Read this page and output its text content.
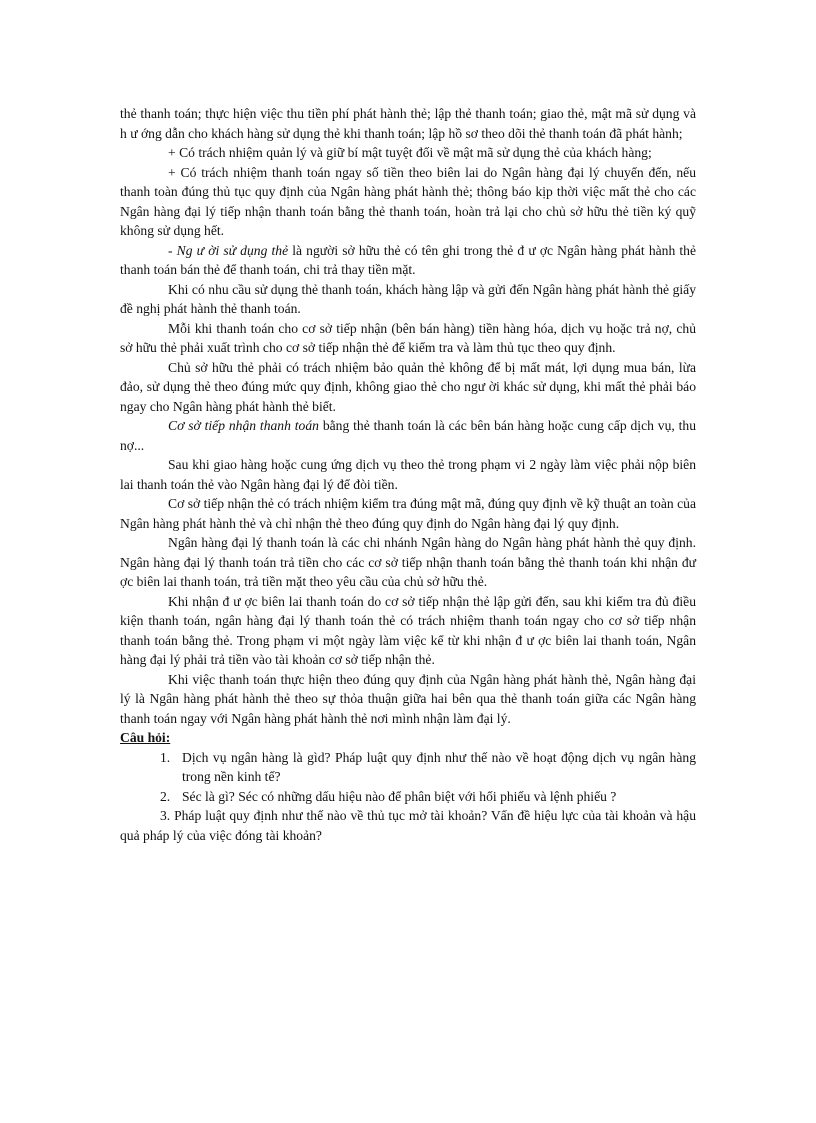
thẻ thanh toán; thực hiện việc thu tiền phí phát hành thẻ; lập thẻ thanh toán; giao thẻ, mật mã sử dụng và h ư ớng dẫn cho khách hàng sử dụng thẻ khi thanh toán; lập hồ sơ theo dõi thẻ thanh toán đã phát hành;

+ Có trách nhiệm quản lý và giữ bí mật tuyệt đối về mật mã sử dụng thẻ của khách hàng;

+ Có trách nhiệm thanh toán ngay số tiền theo biên lai do Ngân hàng đại lý chuyển đến, nếu thanh toàn đúng thủ tục quy định của Ngân hàng phát hành thẻ; thông báo kịp thời việc mất thẻ cho các Ngân hàng đại lý tiếp nhận thanh toán bằng thẻ thanh toán, hoàn trả lại cho chủ sở hữu thẻ tiền ký quỹ không sử dụng hết.

- Ng ư ời sử dụng thẻ là người sở hữu thẻ có tên ghi trong thẻ đ ư ợc Ngân hàng phát hành thẻ thanh toán bán thẻ để thanh toán, chi trả thay tiền mặt.

Khi có nhu cầu sử dụng thẻ thanh toán, khách hàng lập và gửi đến Ngân hàng phát hành thẻ giấy đề nghị phát hành thẻ thanh toán.

Mỗi khi thanh toán cho cơ sở tiếp nhận (bên bán hàng) tiền hàng hóa, dịch vụ hoặc trả nợ, chủ sở hữu thẻ phải xuất trình cho cơ sở tiếp nhận thẻ để kiểm tra và làm thủ tục theo quy định.

Chủ sở hữu thẻ phải có trách nhiệm bảo quản thẻ không để bị mất mát, lợi dụng mua bán, lừa đảo, sử dụng thẻ theo đúng mức quy định, không giao thẻ cho ngư ời khác sử dụng, khi mất thẻ phải báo ngay cho Ngân hàng phát hành thẻ biết.

Cơ sở tiếp nhận thanh toán bằng thẻ thanh toán là các bên bán hàng hoặc cung cấp dịch vụ, thu nợ...

Sau khi giao hàng hoặc cung ứng dịch vụ theo thẻ trong phạm vi 2 ngày làm việc phải nộp biên lai thanh toán thẻ vào Ngân hàng đại lý để đòi tiền.

Cơ sở tiếp nhận thẻ có trách nhiệm kiểm tra đúng mật mã, đúng quy định về kỹ thuật an toàn của Ngân hàng phát hành thẻ và chỉ nhận thẻ theo đúng quy định do Ngân hàng đại lý quy định.

Ngân hàng đại lý thanh toán là các chi nhánh Ngân hàng do Ngân hàng phát hành thẻ quy định. Ngân hàng đại lý thanh toán trả tiền cho các cơ sở tiếp nhận thanh toán bằng thẻ thanh toán khi nhận đư ợc biên lai thanh toán, trả tiền mặt theo yêu cầu của chủ sở hữu thẻ.

Khi nhận đ ư ợc biên lai thanh toán do cơ sở tiếp nhận thẻ lập gửi đến, sau khi kiểm tra đủ điều kiện thanh toán, ngân hàng đại lý thanh toán thẻ có trách nhiệm thanh toán ngay cho cơ sở tiếp nhận thanh toán bằng thẻ. Trong phạm vi một ngày làm việc kể từ khi nhận đ ư ợc biên lai thanh toán, Ngân hàng đại lý phải trả tiền vào tài khoản cơ sở tiếp nhận thẻ.

Khi việc thanh toán thực hiện theo đúng quy định của Ngân hàng phát hành thẻ, Ngân hàng đại lý là Ngân hàng phát hành thẻ theo sự thỏa thuận giữa hai bên qua thẻ thanh toán giữa các Ngân hàng thanh toán ngay với Ngân hàng phát hành thẻ nơi mình nhận làm đại lý.

Câu hỏi:

1. Dịch vụ ngân hàng là gìd? Pháp luật quy định như thế nào về hoạt động dịch vụ ngân hàng trong nền kinh tế?
2. Séc là gì? Séc có những dấu hiệu nào để phân biệt với hối phiếu và lệnh phiếu ?

3. Pháp luật quy định như thế nào về thủ tục mở tài khoản? Vấn đề hiệu lực của tài khoản và hậu quả pháp lý của việc đóng tài khoản?
